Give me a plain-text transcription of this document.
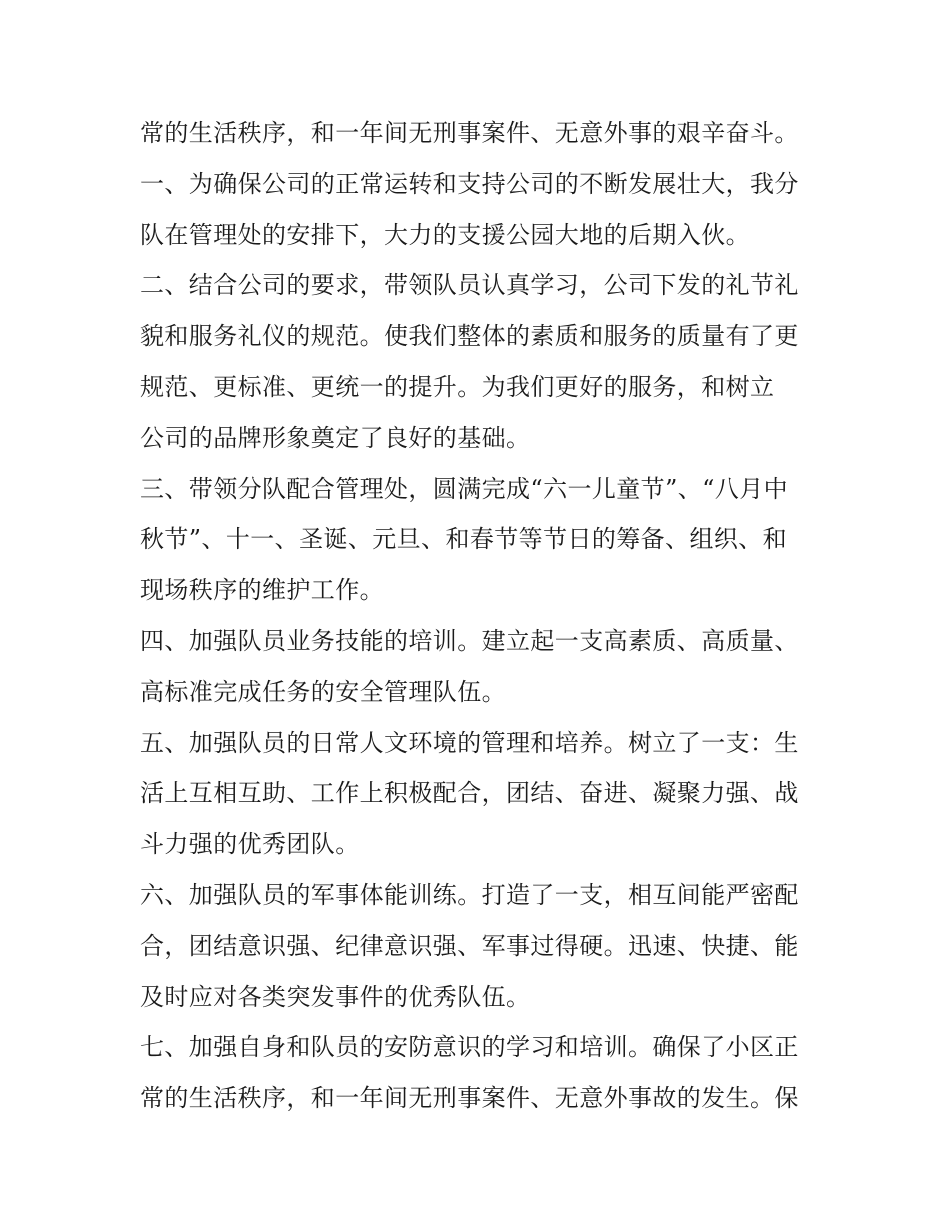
常的生活秩序，和一年间无刑事案件、无意外事的艰辛奋斗。
一、为确保公司的正常运转和支持公司的不断发展壮大，我分
队在管理处的安排下，大力的支援公园大地的后期入伙。
二、结合公司的要求，带领队员认真学习，公司下发的礼节礼
貌和服务礼仪的规范。使我们整体的素质和服务的质量有了更
规范、更标准、更统一的提升。为我们更好的服务，和树立
公司的品牌形象奠定了良好的基础。
三、带领分队配合管理处，圆满完成“六一儿童节”、“八月中
秋节”、十一、圣诞、元旦、和春节等节日的筹备、组织、和
现场秩序的维护工作。
四、加强队员业务技能的培训。建立起一支高素质、高质量、
高标准完成任务的安全管理队伍。
五、加强队员的日常人文环境的管理和培养。树立了一支：生
活上互相互助、工作上积极配合，团结、奋进、凝聚力强、战
斗力强的优秀团队。
六、加强队员的军事体能训练。打造了一支，相互间能严密配
合，团结意识强、纪律意识强、军事过得硬。迅速、快捷、能
及时应对各类突发事件的优秀队伍。
七、加强自身和队员的安防意识的学习和培训。确保了小区正
常的生活秩序，和一年间无刑事案件、无意外事故的发生。保
